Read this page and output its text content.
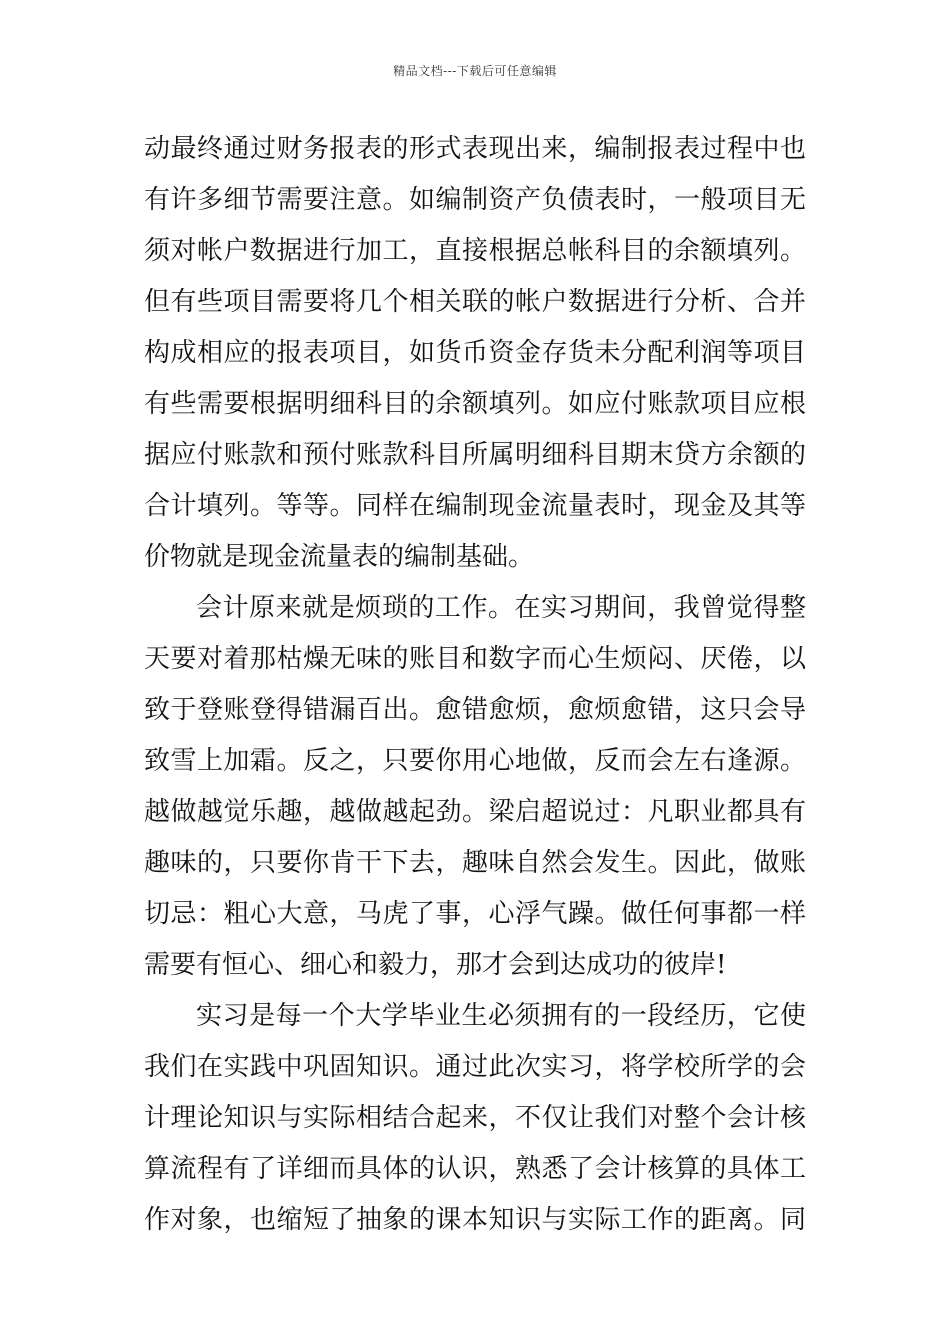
精品文档---下载后可任意编辑
动最终通过财务报表的形式表现出来，编制报表过程中也
有许多细节需要注意。如编制资产负债表时，一般项目无
须对帐户数据进行加工，直接根据总帐科目的余额填列。
但有些项目需要将几个相关联的帐户数据进行分析、合并
构成相应的报表项目，如货币资金存货未分配利润等项目
有些需要根据明细科目的余额填列。如应付账款项目应根
据应付账款和预付账款科目所属明细科目期末贷方余额的
合计填列。等等。同样在编制现金流量表时，现金及其等
价物就是现金流量表的编制基础。
会计原来就是烦琐的工作。在实习期间，我曾觉得整
天要对着那枯燥无味的账目和数字而心生烦闷、厌倦，以
致于登账登得错漏百出。愈错愈烦，愈烦愈错，这只会导
致雪上加霜。反之，只要你用心地做，反而会左右逢源。
越做越觉乐趣，越做越起劲。梁启超说过：凡职业都具有
趣味的，只要你肯干下去，趣味自然会发生。因此，做账
切忌：粗心大意，马虎了事，心浮气躁。做任何事都一样
需要有恒心、细心和毅力，那才会到达成功的彼岸!
实习是每一个大学毕业生必须拥有的一段经历，它使
我们在实践中巩固知识。通过此次实习，将学校所学的会
计理论知识与实际相结合起来，不仅让我们对整个会计核
算流程有了详细而具体的认识，熟悉了会计核算的具体工
作对象，也缩短了抽象的课本知识与实际工作的距离。同
